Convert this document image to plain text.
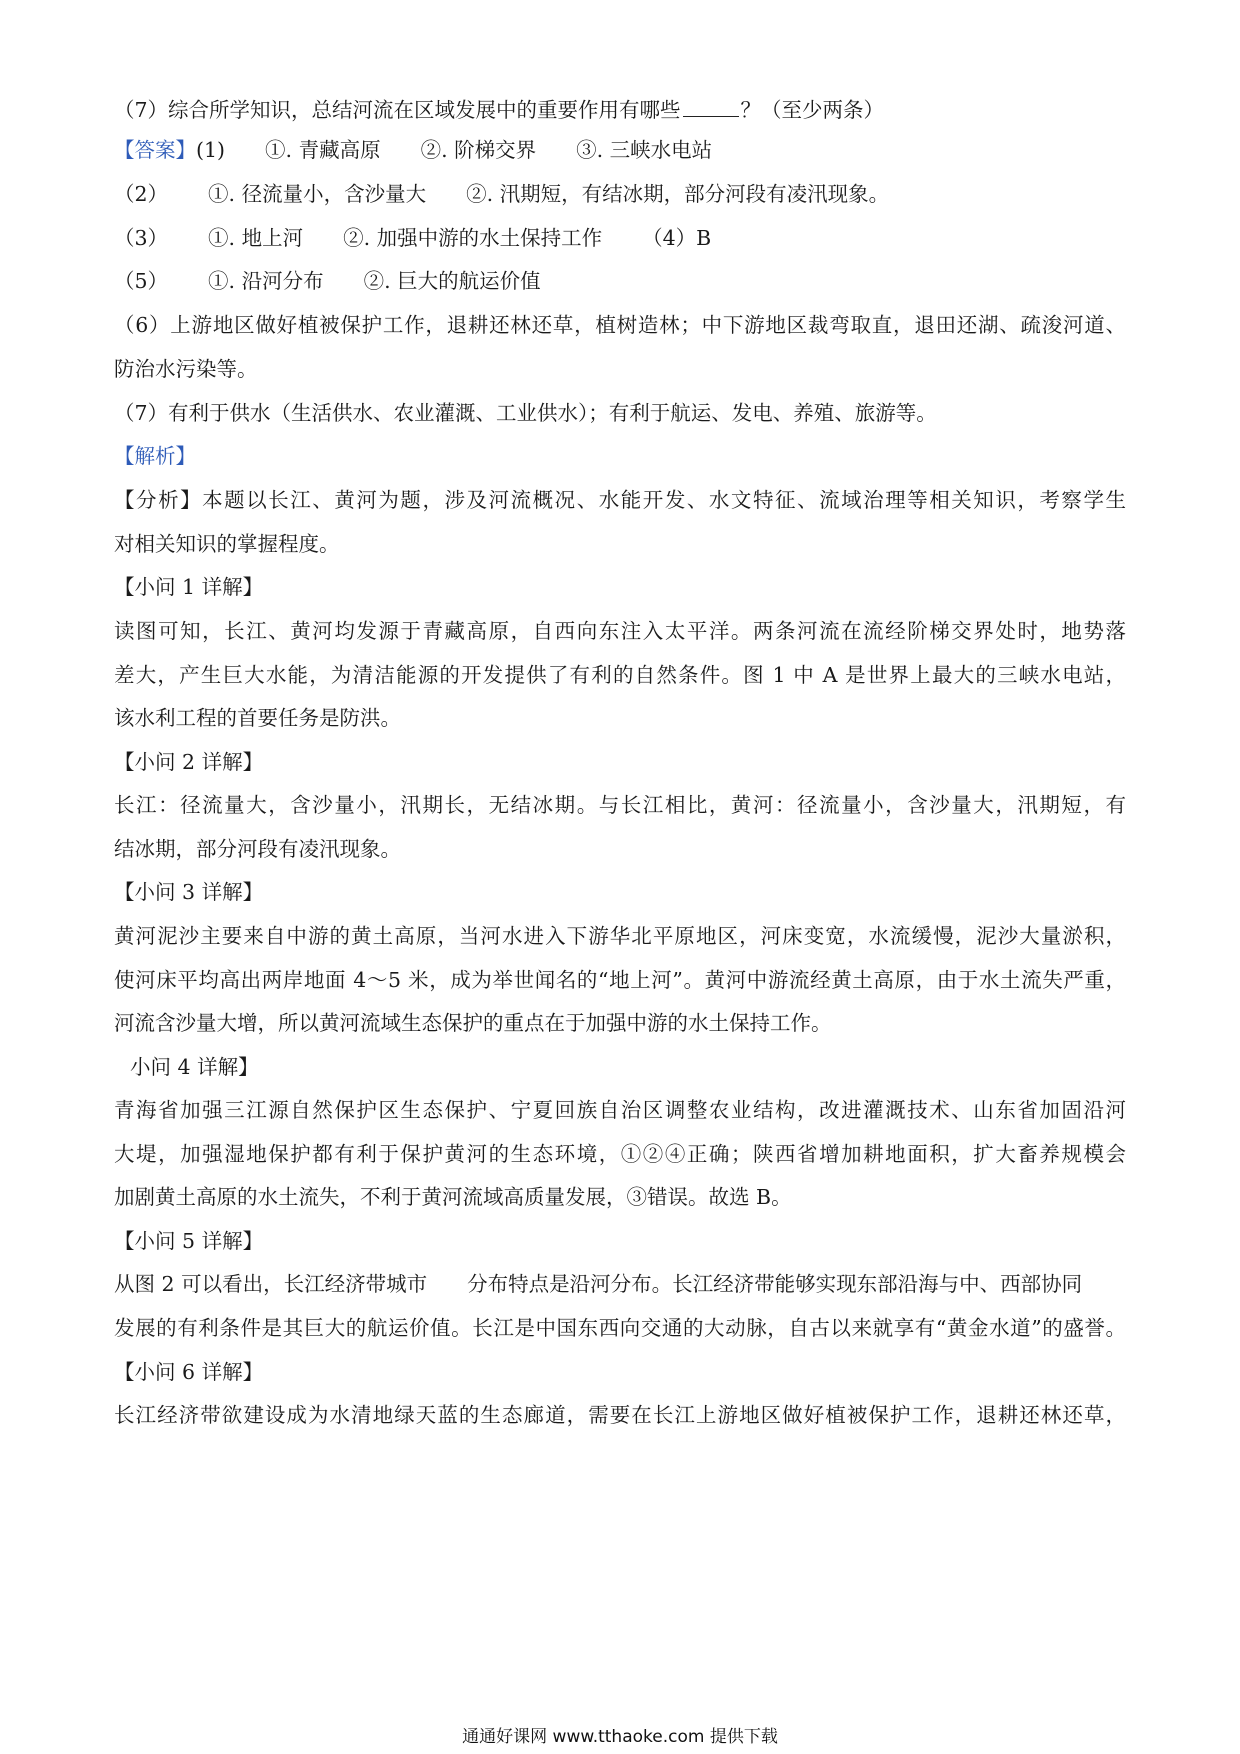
（7）综合所学知识，总结河流在区域发展中的重要作用有哪些	？（至少两条）
【答案】(1) ①. 青藏高原 ②. 阶梯交界 ③. 三峡水电站
（2） ①. 径流量小，含沙量大 ②. 汛期短，有结冰期，部分河段有凌汛现象。
（3） ①. 地上河 ②. 加强中游的水土保持工作 （4）B
（5） ①. 沿河分布 ②. 巨大的航运价值
（6）上游地区做好植被保护工作，退耕还林还草，植树造林；中下游地区裁弯取直，退田还湖、疏浚河道、
防治水污染等。
（7）有利于供水（生活供水、农业灌溉、工业供水）；有利于航运、发电、养殖、旅游等。
【解析】
【分析】本题以长江、黄河为题，涉及河流概况、水能开发、水文特征、流域治理等相关知识，考察学生
对相关知识的掌握程度。
【小问 1 详解】
读图可知，长江、黄河均发源于青藏高原，自西向东注入太平洋。两条河流在流经阶梯交界处时，地势落
差大，产生巨大水能，为清洁能源的开发提供了有利的自然条件。图 1 中 A 是世界上最大的三峡水电站，
该水利工程的首要任务是防洪。
【小问 2 详解】
长江：径流量大，含沙量小，汛期长，无结冰期。与长江相比，黄河：径流量小，含沙量大，汛期短，有
结冰期，部分河段有凌汛现象。
【小问 3 详解】
黄河泥沙主要来自中游的黄土高原，当河水进入下游华北平原地区，河床变宽，水流缓慢，泥沙大量淤积，
使河床平均高出两岸地面 4～5 米，成为举世闻名的“地上河”。黄河中游流经黄土高原，由于水土流失严重，
河流含沙量大增，所以黄河流域生态保护的重点在于加强中游的水土保持工作。
小问 4 详解】
青海省加强三江源自然保护区生态保护、宁夏回族自治区调整农业结构，改进灌溉技术、山东省加固沿河
大堤，加强湿地保护都有利于保护黄河的生态环境，①②④正确；陕西省增加耕地面积，扩大畜养规模会
加剧黄土高原的水土流失，不利于黄河流域高质量发展，③错误。故选 B。
【小问 5 详解】
从图 2 可以看出，长江经济带城市 分布特点是沿河分布。长江经济带能够实现东部沿海与中、西部协同
发展的有利条件是其巨大的航运价值。长江是中国东西向交通的大动脉，自古以来就享有“黄金水道”的盛誉。
【小问 6 详解】
长江经济带欲建设成为水清地绿天蓝的生态廊道，需要在长江上游地区做好植被保护工作，退耕还林还草，
通通好课网 www.tthaoke.com 提供下载
